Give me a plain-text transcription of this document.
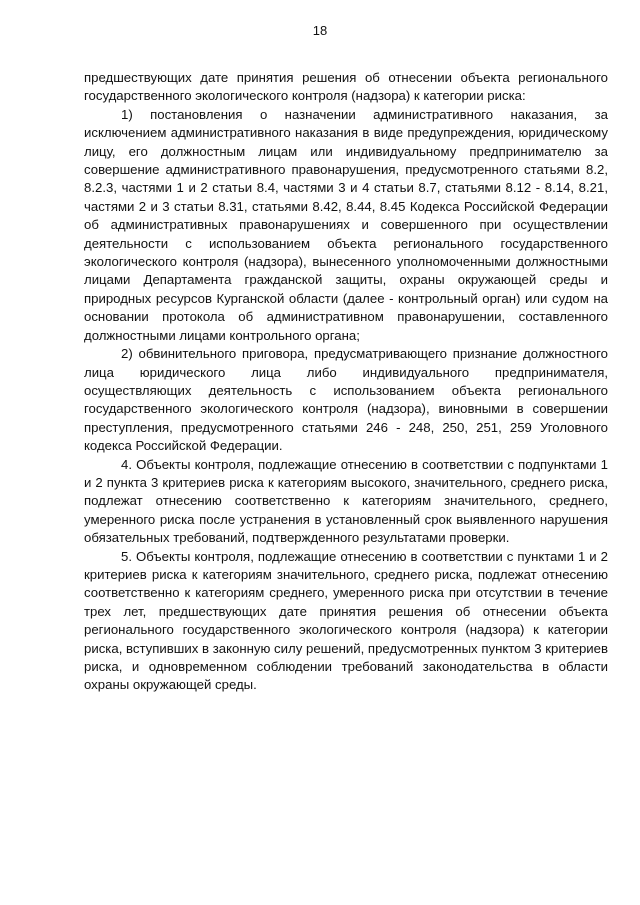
18

предшествующих дате принятия решения об отнесении объекта регионального государственного экологического контроля (надзора) к категории риска:

1) постановления о назначении административного наказания, за исключением административного наказания в виде предупреждения, юридическому лицу, его должностным лицам или индивидуальному предпринимателю за совершение административного правонарушения, предусмотренного статьями 8.2, 8.2.3, частями 1 и 2 статьи 8.4, частями 3 и 4 статьи 8.7, статьями 8.12 - 8.14, 8.21, частями 2 и 3 статьи 8.31, статьями 8.42, 8.44, 8.45 Кодекса Российской Федерации об административных правонарушениях и совершенного при осуществлении деятельности с использованием объекта регионального государственного экологического контроля (надзора), вынесенного уполномоченными должностными лицами Департамента гражданской защиты, охраны окружающей среды и природных ресурсов Курганской области (далее - контрольный орган) или судом на основании протокола об административном правонарушении, составленного должностными лицами контрольного органа;

2) обвинительного приговора, предусматривающего признание должностного лица юридического лица либо индивидуального предпринимателя, осуществляющих деятельность с использованием объекта регионального государственного экологического контроля (надзора), виновными в совершении преступления, предусмотренного статьями 246 - 248, 250, 251, 259 Уголовного кодекса Российской Федерации.

4. Объекты контроля, подлежащие отнесению в соответствии с подпунктами 1 и 2 пункта 3 критериев риска к категориям высокого, значительного, среднего риска, подлежат отнесению соответственно к категориям значительного, среднего, умеренного риска после устранения в установленный срок выявленного нарушения обязательных требований, подтвержденного результатами проверки.

5. Объекты контроля, подлежащие отнесению в соответствии с пунктами 1 и 2 критериев риска к категориям значительного, среднего риска, подлежат отнесению соответственно к категориям среднего, умеренного риска при отсутствии в течение трех лет, предшествующих дате принятия решения об отнесении объекта регионального государственного экологического контроля (надзора) к категории риска, вступивших в законную силу решений, предусмотренных пунктом 3 критериев риска, и одновременном соблюдении требований законодательства в области охраны окружающей среды.
